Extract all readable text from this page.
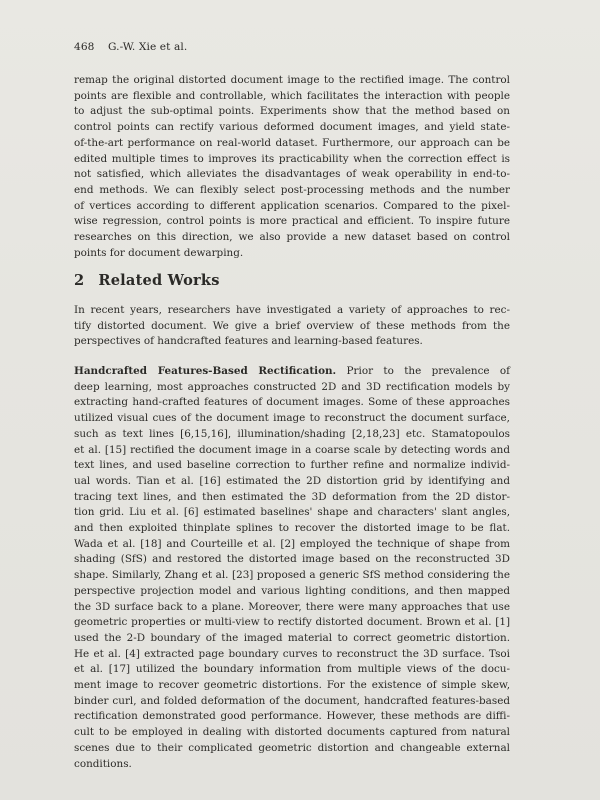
468 G.-W. Xie et al.

remap the original distorted document image to the rectified image. The control
points are flexible and controllable, which facilitates the interaction with people
to adjust the sub-optimal points. Experiments show that the method based on
control points can rectify various deformed document images, and yield state-
of-the-art performance on real-world dataset. Furthermore, our approach can be
edited multiple times to improves its practicability when the correction effect is
not satisfied, which alleviates the disadvantages of weak operability in end-to-
end methods. We can flexibly select post-processing methods and the number
of vertices according to different application scenarios. Compared to the pixel-
wise regression, control points is more practical and efficient. To inspire future
researches on this direction, we also provide a new dataset based on control
points for document dewarping.

2 Related Works

In recent years, researchers have investigated a variety of approaches to rec-
tify distorted document. We give a brief overview of these methods from the
perspectives of handcrafted features and learning-based features.

Handcrafted Features-Based Rectification. Prior to the prevalence of
deep learning, most approaches constructed 2D and 3D rectification models by
extracting hand-crafted features of document images. Some of these approaches
utilized visual cues of the document image to reconstruct the document surface,
such as text lines [6,15,16], illumination/shading [2,18,23] etc. Stamatopoulos
et al. [15] rectified the document image in a coarse scale by detecting words and
text lines, and used baseline correction to further refine and normalize individ-
ual words. Tian et al. [16] estimated the 2D distortion grid by identifying and
tracing text lines, and then estimated the 3D deformation from the 2D distor-
tion grid. Liu et al. [6] estimated baselines' shape and characters' slant angles,
and then exploited thinplate splines to recover the distorted image to be flat.
Wada et al. [18] and Courteille et al. [2] employed the technique of shape from
shading (SfS) and restored the distorted image based on the reconstructed 3D
shape. Similarly, Zhang et al. [23] proposed a generic SfS method considering the
perspective projection model and various lighting conditions, and then mapped
the 3D surface back to a plane. Moreover, there were many approaches that use
geometric properties or multi-view to rectify distorted document. Brown et al. [1]
used the 2-D boundary of the imaged material to correct geometric distortion.
He et al. [4] extracted page boundary curves to reconstruct the 3D surface. Tsoi
et al. [17] utilized the boundary information from multiple views of the docu-
ment image to recover geometric distortions. For the existence of simple skew,
binder curl, and folded deformation of the document, handcrafted features-based
rectification demonstrated good performance. However, these methods are diffi-
cult to be employed in dealing with distorted documents captured from natural
scenes due to their complicated geometric distortion and changeable external
conditions.
